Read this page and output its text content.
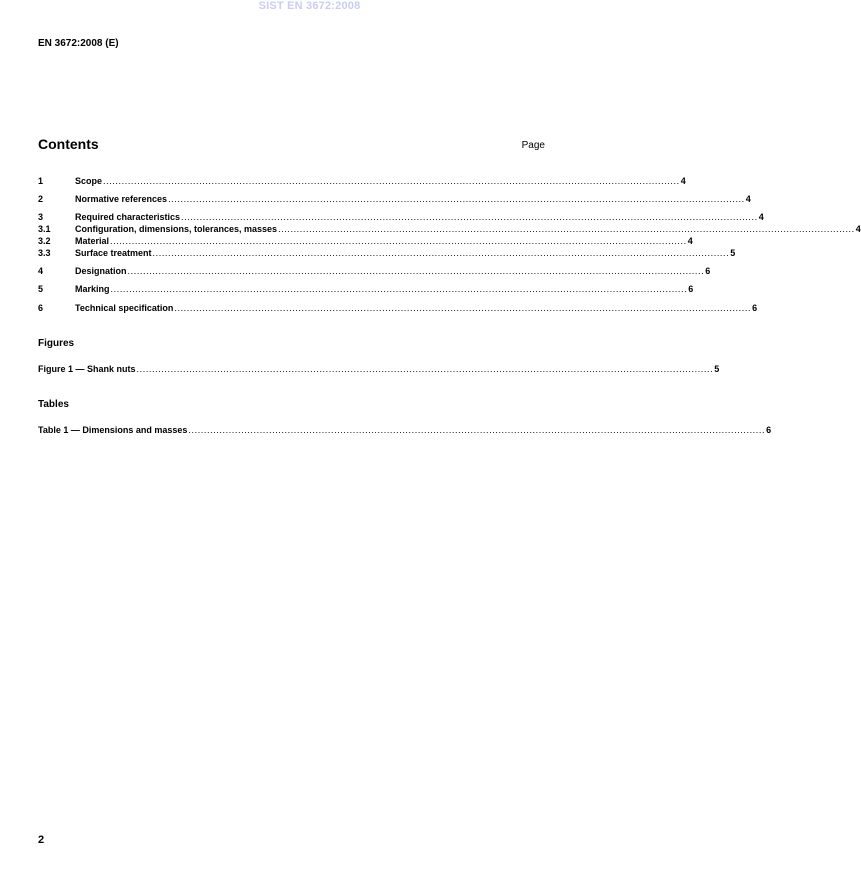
SIST EN 3672:2008
EN 3672:2008 (E)
Contents	Page
1	Scope .......................................................................................................................................................................................... 4
2	Normative references .......................................................................................................................................................................................... 4
3	Required characteristics .......................................................................................................................................................................................... 4
3.1	Configuration, dimensions, tolerances, masses .......................................................................................................................................................................................... 4
3.2	Material .......................................................................................................................................................................................... 4
3.3	Surface treatment .......................................................................................................................................................................................... 5
4	Designation .......................................................................................................................................................................................... 6
5	Marking .......................................................................................................................................................................................... 6
6	Technical specification .......................................................................................................................................................................................... 6
Figures
Figure 1 — Shank nuts .......................................................................................................................................................................................... 5
Tables
Table 1 — Dimensions and masses .......................................................................................................................................................................................... 6
2
